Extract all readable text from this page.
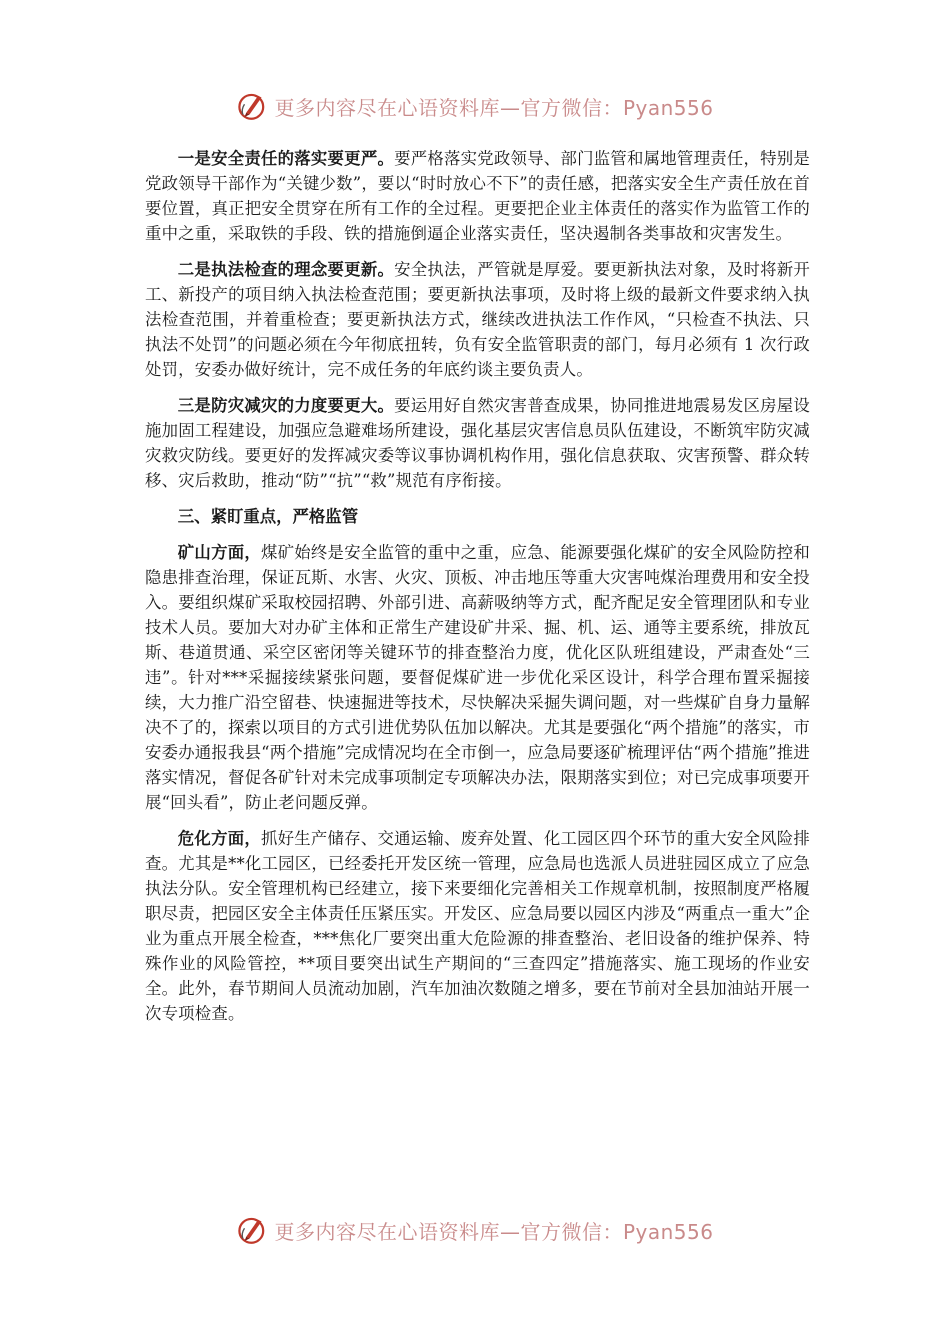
更多内容尽在心语资料库—官方微信：Pyan556

一是安全责任的落实要更严。要严格落实党政领导、部门监管和属地管理责任，特别是党政领导干部作为“关键少数”，要以“时时放心不下”的责任感，把落实安全生产责任放在首要位置，真正把安全贯穿在所有工作的全过程。更要把企业主体责任的落实作为监管工作的重中之重，采取铁的手段、铁的措施倒逼企业落实责任，坚决遏制各类事故和灾害发生。

二是执法检查的理念要更新。安全执法，严管就是厚爱。要更新执法对象，及时将新开工、新投产的项目纳入执法检查范围；要更新执法事项，及时将上级的最新文件要求纳入执法检查范围，并着重检查；要更新执法方式，继续改进执法工作作风，“只检查不执法、只执法不处罚”的问题必须在今年彻底扭转，负有安全监管职责的部门，每月必须有 1 次行政处罚，安委办做好统计，完不成任务的年底约谈主要负责人。

三是防灾减灾的力度要更大。要运用好自然灾害普查成果，协同推进地震易发区房屋设施加固工程建设，加强应急避难场所建设，强化基层灾害信息员队伍建设，不断筑牢防灾减灾救灾防线。要更好的发挥减灾委等议事协调机构作用，强化信息获取、灾害预警、群众转移、灾后救助，推动“防”“抗”“救”规范有序衔接。

三、紧盯重点，严格监管

矿山方面，煤矿始终是安全监管的重中之重，应急、能源要强化煤矿的安全风险防控和隐患排查治理，保证瓦斯、水害、火灾、顶板、冲击地压等重大灾害吨煤治理费用和安全投入。要组织煤矿采取校园招聘、外部引进、高薪吸纳等方式，配齐配足安全管理团队和专业技术人员。要加大对办矿主体和正常生产建设矿井采、掘、机、运、通等主要系统，排放瓦斯、巷道贯通、采空区密闭等关键环节的排查整治力度，优化区队班组建设，严肃查处“三违”。针对***采掘接续紧张问题，要督促煤矿进一步优化采区设计，科学合理布置采掘接续，大力推广沿空留巷、快速掘进等技术，尽快解决采掘失调问题，对一些煤矿自身力量解决不了的，探索以项目的方式引进优势队伍加以解决。尤其是要强化“两个措施”的落实，市安委办通报我县“两个措施”完成情况均在全市倒一，应急局要逐矿梳理评估“两个措施”推进落实情况，督促各矿针对未完成事项制定专项解决办法，限期落实到位；对已完成事项要开展“回头看”，防止老问题反弹。

危化方面，抓好生产储存、交通运输、废弃处置、化工园区四个环节的重大安全风险排查。尤其是**化工园区，已经委托开发区统一管理，应急局也选派人员进驻园区成立了应急执法分队。安全管理机构已经建立，接下来要细化完善相关工作规章机制，按照制度严格履职尽责，把园区安全主体责任压紧压实。开发区、应急局要以园区内涉及“两重点一重大”企业为重点开展全检查，***焦化厂要突出重大危险源的排查整治、老旧设备的维护保养、特殊作业的风险管控，**项目要突出试生产期间的“三查四定”措施落实、施工现场的作业安全。此外，春节期间人员流动加剧，汽车加油次数随之增多，要在节前对全县加油站开展一次专项检查。

更多内容尽在心语资料库—官方微信：Pyan556
